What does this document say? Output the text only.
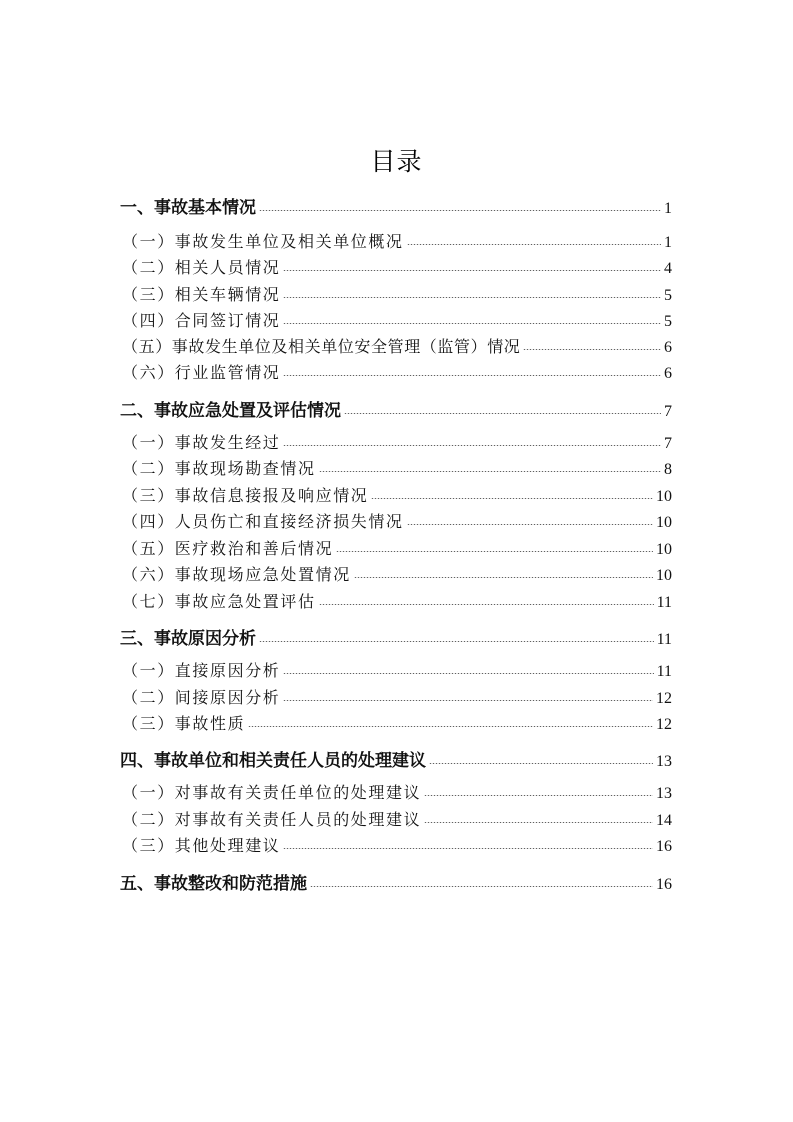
目录
一、事故基本情况	1
（一）事故发生单位及相关单位概况	1
（二）相关人员情况	4
（三）相关车辆情况	5
（四）合同签订情况	5
（五）事故发生单位及相关单位安全管理（监管）情况	6
（六）行业监管情况	6
二、事故应急处置及评估情况	7
（一）事故发生经过	7
（二）事故现场勘查情况	8
（三）事故信息接报及响应情况	10
（四）人员伤亡和直接经济损失情况	10
（五）医疗救治和善后情况	10
（六）事故现场应急处置情况	10
（七）事故应急处置评估	11
三、事故原因分析	11
（一）直接原因分析	11
（二）间接原因分析	12
（三）事故性质	12
四、事故单位和相关责任人员的处理建议	13
（一）对事故有关责任单位的处理建议	13
（二）对事故有关责任人员的处理建议	14
（三）其他处理建议	16
五、事故整改和防范措施	16
